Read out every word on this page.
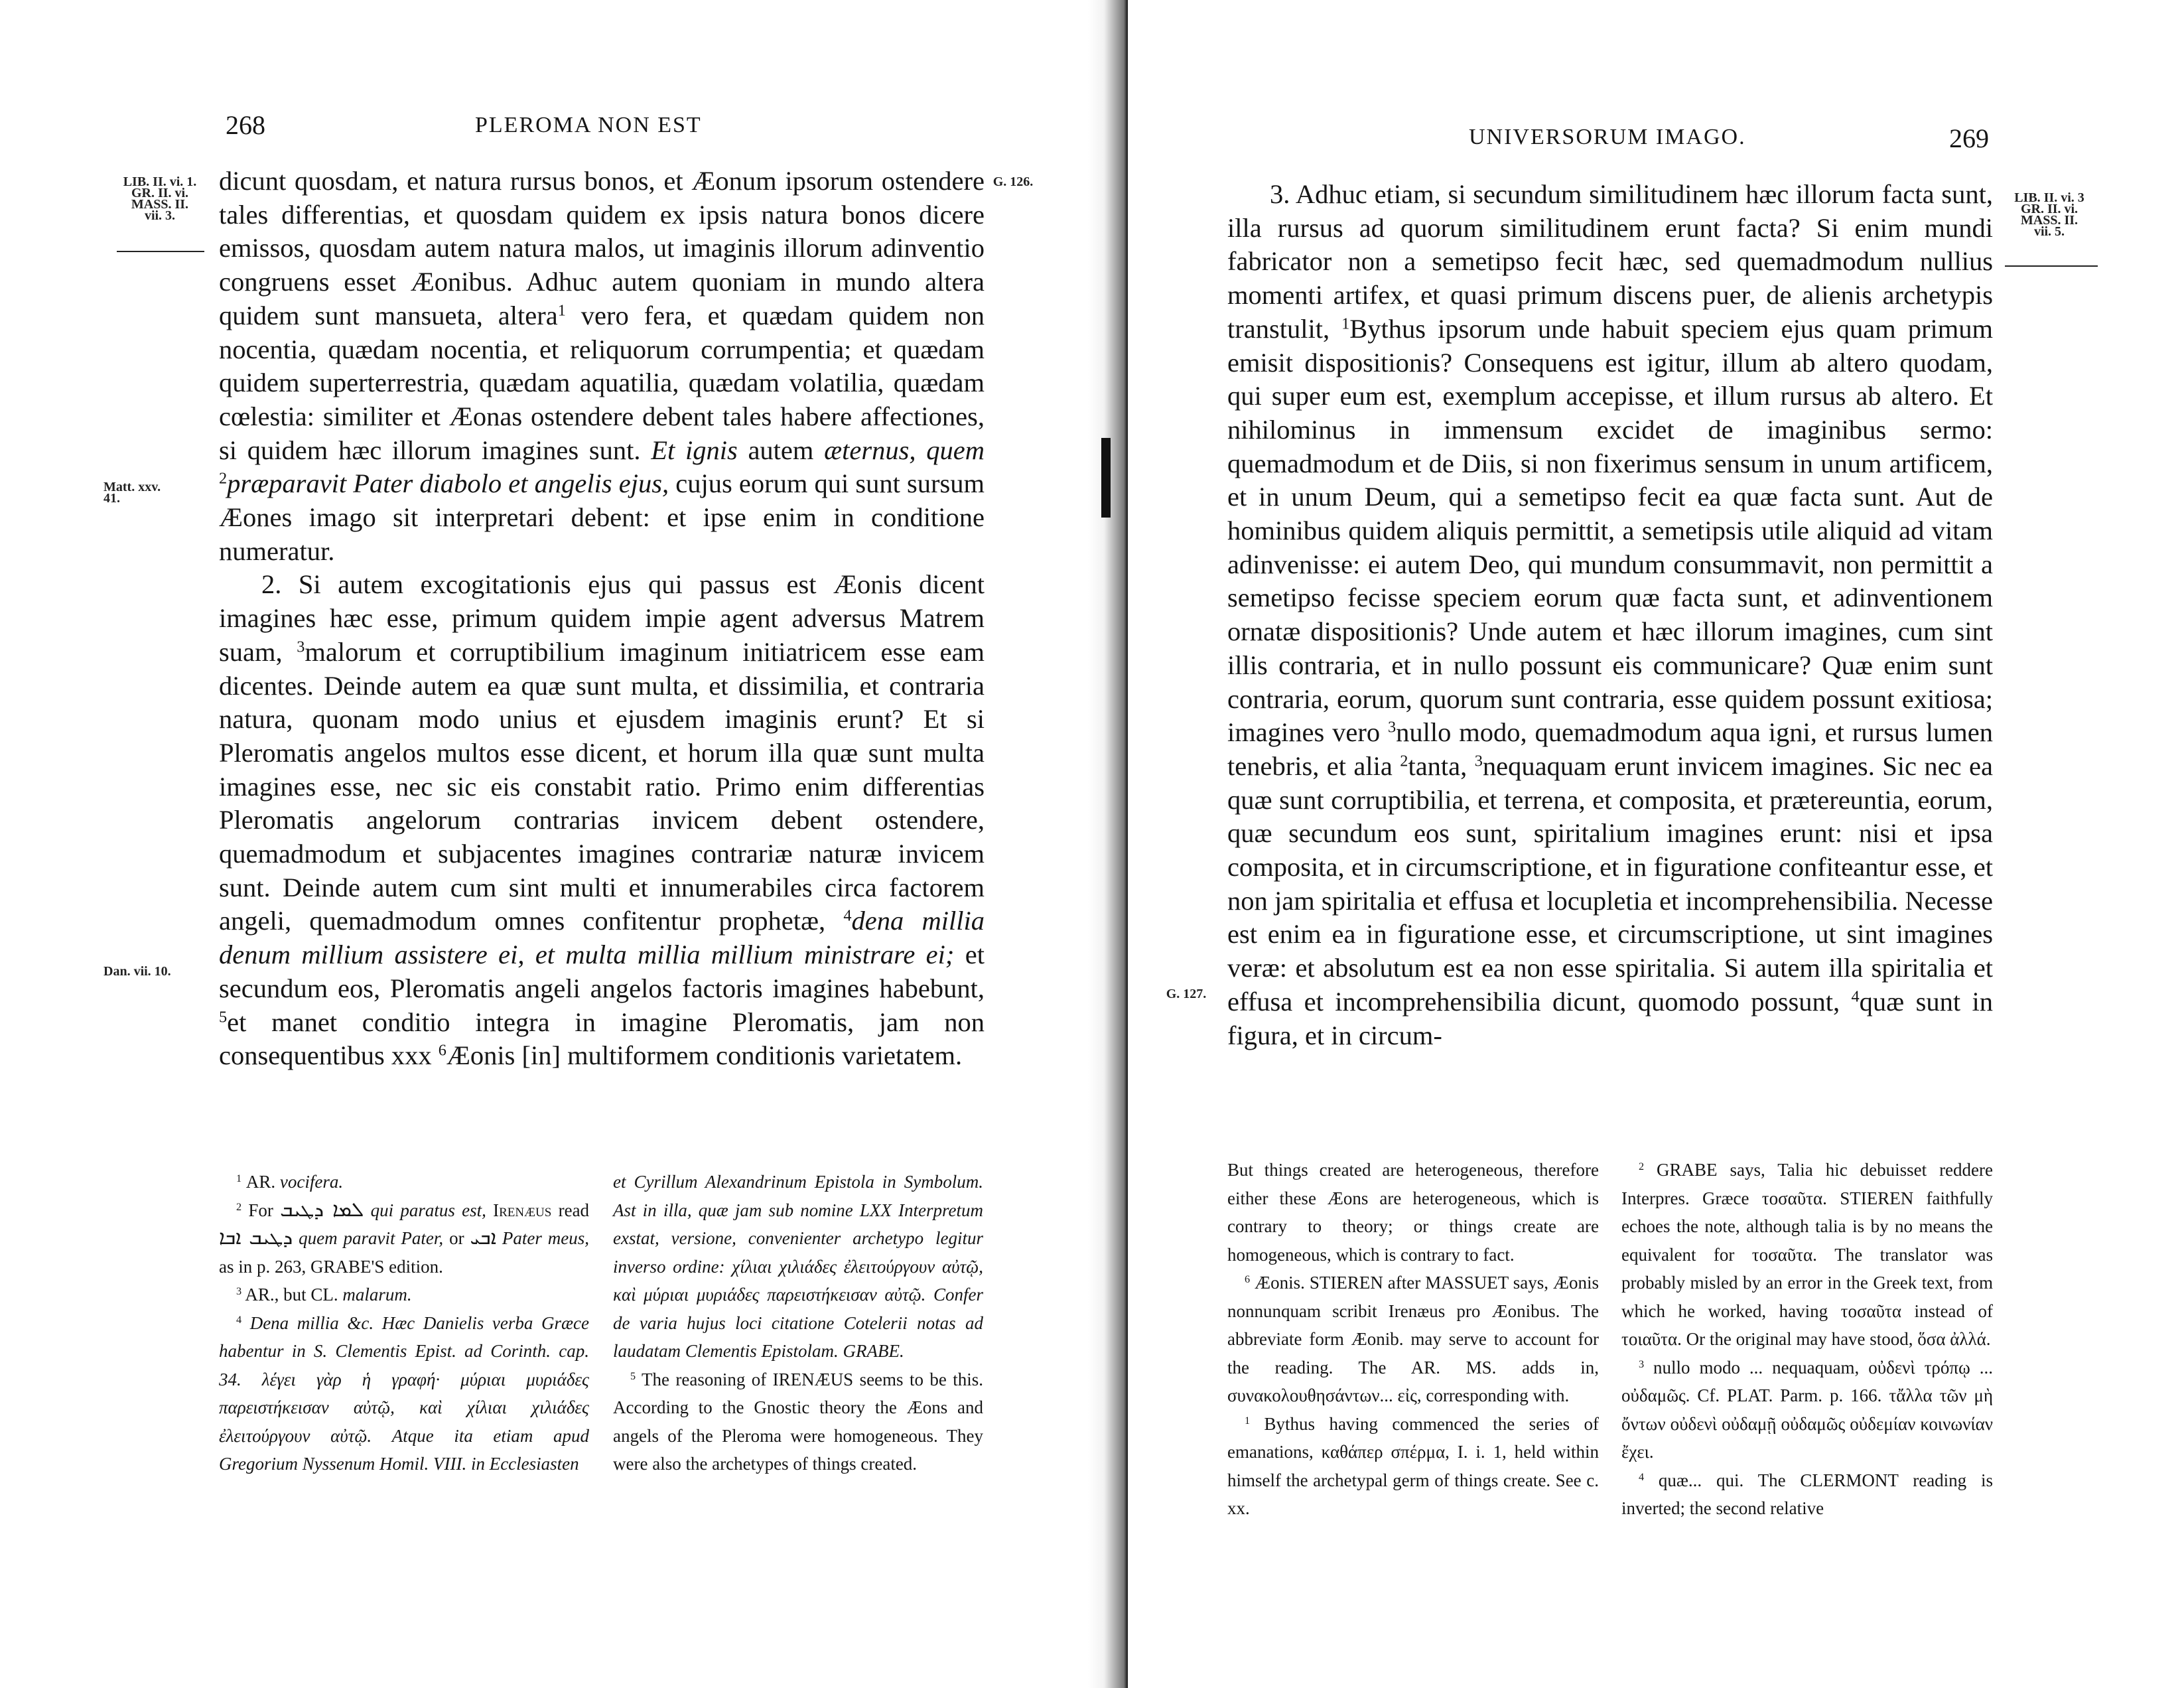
268	PLEROMA NON EST
LIB. II. vi. 1.
GR. II. vi.
MASS. II.
vii. 3.
G. 126.
Matt. xxv.
41.
Dan. vii. 10.

dicunt quosdam, et natura rursus bonos, et Æonum ipsorum ostendere tales differentias, et quosdam quidem ex ipsis natura bonos dicere emissos, quosdam autem natura malos, ut imaginis illorum adinventio congruens esset Æonibus. Adhuc autem quoniam in mundo altera quidem sunt mansueta, altera$^1$ vero fera, et quædam quidem non nocentia, quædam nocentia, et reliquorum corrumpentia; et quædam quidem superterrestria, quædam aquatilia, quædam volatilia, quædam cœlestia: similiter et Æonas ostendere debent tales habere affectiones, si quidem hæc illorum imagines sunt. Et ignis autem æternus, quem $^2$præparavit Pater diabolo et angelis ejus, cujus eorum qui sunt sursum Æones imago sit interpretari debent: et ipse enim in conditione numeratur.

2. Si autem excogitationis ejus qui passus est Æonis dicent imagines hæc esse, primum quidem impie agent adversus Matrem suam, $^3$malorum et corruptibilium imaginum initiatricem esse eam dicentes. Deinde autem ea quæ sunt multa, et dissimilia, et contraria natura, quonam modo unius et ejusdem imaginis erunt? Et si Pleromatis angelos multos esse dicent, et horum illa quæ sunt multa imagines esse, nec sic eis constabit ratio. Primo enim differentias Pleromatis angelorum contrarias invicem debent ostendere, quemadmodum et subjacentes imagines contrariæ naturæ invicem sunt. Deinde autem cum sint multi et innumerabiles circa factorem angeli, quemadmodum omnes confitentur prophetæ, $^4$dena millia denum millium assistere ei, et multa millia millium ministrare ei; et secundum eos, Pleromatis angeli angelos factoris imagines habebunt, $^5$et manet conditio integra in imagine Pleromatis, jam non consequentibus xxx $^6$Æonis [in] multiformem conditionis varietatem.

$^1$ AR. vocifera.

$^2$ For ܠܡܐ ܕܛܝܒ qui paratus est, Irenæus read ܕܛܝܒ ܐܒܐ quem paravit Pater, or ܐܒܝ Pater meus, as in p. 263, GRABE'S edition.

$^3$ AR., but CL. malarum.

$^4$ Dena millia &c. Hæc Danielis verba Græce habentur in S. Clementis Epist. ad Corinth. cap. 34. λέγει γὰρ ἡ γραφή· μύριαι μυριάδες παρειστήκεισαν αὐτῷ, καὶ χίλιαι χιλιάδες ἐλειτούργουν αὐτῷ. Atque ita etiam apud Gregorium Nyssenum Homil. VIII. in Ecclesiasten

et Cyrillum Alexandrinum Epistola in Symbolum. Ast in illa, quæ jam sub nomine LXX Interpretum exstat, versione, convenienter archetypo legitur inverso ordine: χίλιαι χιλιάδες ἐλειτούργουν αὐτῷ, καὶ μύριαι μυριάδες παρειστήκεισαν αὐτῷ. Confer de varia hujus loci citatione Cotelerii notas ad laudatam Clementis Epistolam. GRABE.

$^5$ The reasoning of IRENÆUS seems to be this. According to the Gnostic theory the Æons and angels of the Pleroma were homogeneous. They were also the archetypes of things created.

UNIVERSORUM IMAGO.	269
LIB. II. vi. 3
GR. II. vi.
MASS. II.
vii. 5.
G. 127.

3. Adhuc etiam, si secundum similitudinem hæc illorum facta sunt, illa rursus ad quorum similitudinem erunt facta? Si enim mundi fabricator non a semetipso fecit hæc, sed quemadmodum nullius momenti artifex, et quasi primum discens puer, de alienis archetypis transtulit, $^1$Bythus ipsorum unde habuit speciem ejus quam primum emisit dispositionis? Consequens est igitur, illum ab altero quodam, qui super eum est, exemplum accepisse, et illum rursus ab altero. Et nihilominus in immensum excidet de imaginibus sermo: quemadmodum et de Diis, si non fixerimus sensum in unum artificem, et in unum Deum, qui a semetipso fecit ea quæ facta sunt. Aut de hominibus quidem aliquis permittit, a semetipsis utile aliquid ad vitam adinvenisse: ei autem Deo, qui mundum consummavit, non permittit a semetipso fecisse speciem eorum quæ facta sunt, et adinventionem ornatæ dispositionis? Unde autem et hæc illorum imagines, cum sint illis contraria, et in nullo possunt eis communicare? Quæ enim sunt contraria, eorum, quorum sunt contraria, esse quidem possunt exitiosa; imagines vero $^3$nullo modo, quemadmodum aqua igni, et rursus lumen tenebris, et alia $^2$tanta, $^3$nequaquam erunt invicem imagines. Sic nec ea quæ sunt corruptibilia, et terrena, et composita, et prætereuntia, eorum, quæ secundum eos sunt, spiritalium imagines erunt: nisi et ipsa composita, et in circumscriptione, et in figuratione confiteantur esse, et non jam spiritalia et effusa et locupletia et incomprehensibilia. Necesse est enim ea in figuratione esse, et circumscriptione, ut sint imagines veræ: et absolutum est ea non esse spiritalia. Si autem illa spiritalia et effusa et incomprehensibilia dicunt, quomodo possunt, $^4$quæ sunt in figura, et in circum-

But things created are heterogeneous, therefore either these Æons are heterogeneous, which is contrary to theory; or things create are homogeneous, which is contrary to fact.

$^6$ Æonis. STIEREN after MASSUET says, Æonis nonnunquam scribit Irenæus pro Æonibus. The abbreviate form Æonib. may serve to account for the reading. The AR. MS. adds in, συνακολουθησάντων... εἰς, corresponding with.

$^1$ Bythus having commenced the series of emanations, καθάπερ σπέρμα, I. i. 1, held within himself the archetypal germ of things create. See c. xx.

$^2$ GRABE says, Talia hic debuisset reddere Interpres. Græce τοσαῦτα. STIEREN faithfully echoes the note, although talia is by no means the equivalent for τοσαῦτα. The translator was probably misled by an error in the Greek text, from which he worked, having τοσαῦτα instead of τοιαῦτα. Or the original may have stood, ὅσα ἀλλά.

$^3$ nullo modo ... nequaquam, οὐδενὶ τρόπῳ ... οὐδαμῶς. Cf. PLAT. Parm. p. 166. τἄλλα τῶν μὴ ὄντων οὐδενὶ οὐδαμῇ οὐδαμῶς οὐδεμίαν κοινωνίαν ἔχει.

$^4$ quæ... qui. The CLERMONT reading is inverted; the second relative
